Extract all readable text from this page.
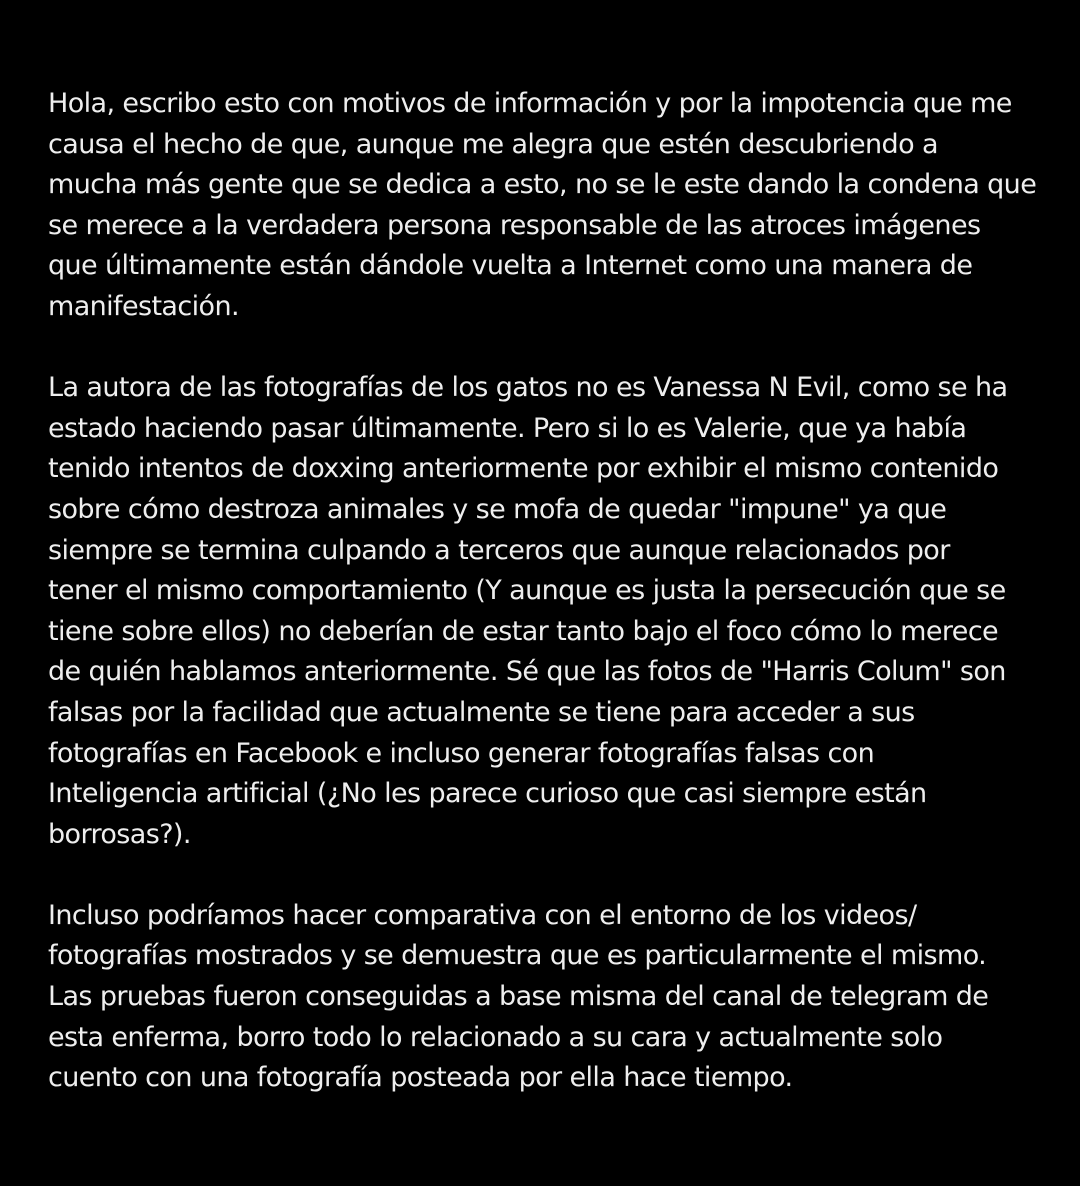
Hola, escribo esto con motivos de información y por la impotencia que me
causa el hecho de que, aunque me alegra que estén descubriendo a
mucha más gente que se dedica a esto, no se le este dando la condena que
se merece a la verdadera persona responsable de las atroces imágenes
que últimamente están dándole vuelta a Internet como una manera de
manifestación.

La autora de las fotografías de los gatos no es Vanessa N Evil, como se ha
estado haciendo pasar últimamente. Pero si lo es Valerie, que ya había
tenido intentos de doxxing anteriormente por exhibir el mismo contenido
sobre cómo destroza animales y se mofa de quedar "impune" ya que
siempre se termina culpando a terceros que aunque relacionados por
tener el mismo comportamiento (Y aunque es justa la persecución que se
tiene sobre ellos) no deberían de estar tanto bajo el foco cómo lo merece
de quién hablamos anteriormente. Sé que las fotos de "Harris Colum" son
falsas por la facilidad que actualmente se tiene para acceder a sus
fotografías en Facebook e incluso generar fotografías falsas con
Inteligencia artificial (¿No les parece curioso que casi siempre están
borrosas?).

Incluso podríamos hacer comparativa con el entorno de los videos/
fotografías mostrados y se demuestra que es particularmente el mismo.
Las pruebas fueron conseguidas a base misma del canal de telegram de
esta enferma, borro todo lo relacionado a su cara y actualmente solo
cuento con una fotografía posteada por ella hace tiempo.
